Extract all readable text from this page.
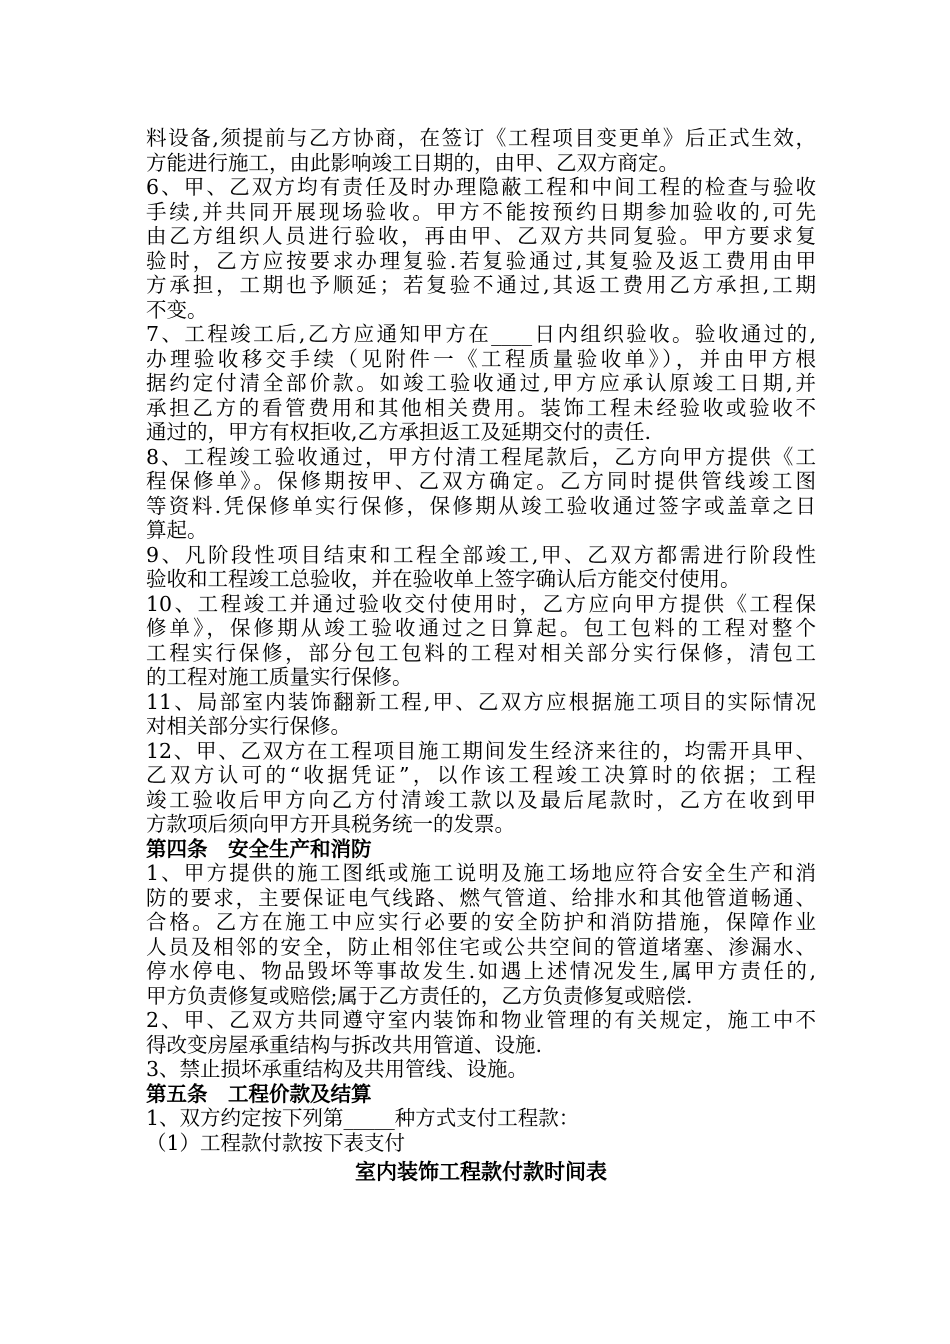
料设备,须提前与乙方协商，在签订《工程项目变更单》后正式生效，
方能进行施工，由此影响竣工日期的，由甲、乙双方商定。
6、甲、乙双方均有责任及时办理隐蔽工程和中间工程的检查与验收
手续,并共同开展现场验收。甲方不能按预约日期参加验收的,可先
由乙方组织人员进行验收，再由甲、乙双方共同复验。甲方要求复
验时，乙方应按要求办理复验.若复验通过,其复验及返工费用由甲
方承担，工期也予顺延；若复验不通过,其返工费用乙方承担,工期
不变。
7、工程竣工后,乙方应通知甲方在____日内组织验收。验收通过的,
办理验收移交手续（见附件一《工程质量验收单》），并由甲方根
据约定付清全部价款。如竣工验收通过,甲方应承认原竣工日期,并
承担乙方的看管费用和其他相关费用。装饰工程未经验收或验收不
通过的，甲方有权拒收,乙方承担返工及延期交付的责任.
8、工程竣工验收通过，甲方付清工程尾款后，乙方向甲方提供《工
程保修单》。保修期按甲、乙双方确定。乙方同时提供管线竣工图
等资料.凭保修单实行保修，保修期从竣工验收通过签字或盖章之日
算起。
9、凡阶段性项目结束和工程全部竣工,甲、乙双方都需进行阶段性
验收和工程竣工总验收，并在验收单上签字确认后方能交付使用。
10、工程竣工并通过验收交付使用时，乙方应向甲方提供《工程保
修单》，保修期从竣工验收通过之日算起。包工包料的工程对整个
工程实行保修，部分包工包料的工程对相关部分实行保修，清包工
的工程对施工质量实行保修。
11、局部室内装饰翻新工程,甲、乙双方应根据施工项目的实际情况
对相关部分实行保修。
12、甲、乙双方在工程项目施工期间发生经济来往的，均需开具甲、
乙双方认可的“收据凭证”，以作该工程竣工决算时的依据；工程
竣工验收后甲方向乙方付清竣工款以及最后尾款时，乙方在收到甲
方款项后须向甲方开具税务统一的发票。
第四条　安全生产和消防
1、甲方提供的施工图纸或施工说明及施工场地应符合安全生产和消
防的要求，主要保证电气线路、燃气管道、给排水和其他管道畅通、
合格。乙方在施工中应实行必要的安全防护和消防措施，保障作业
人员及相邻的安全，防止相邻住宅或公共空间的管道堵塞、渗漏水、
停水停电、物品毁坏等事故发生.如遇上述情况发生,属甲方责任的,
甲方负责修复或赔偿;属于乙方责任的，乙方负责修复或赔偿.
2、甲、乙双方共同遵守室内装饰和物业管理的有关规定，施工中不
得改变房屋承重结构与拆改共用管道、设施.
3、禁止损坏承重结构及共用管线、设施。
第五条　工程价款及结算
1、双方约定按下列第_____种方式支付工程款：
（1）工程款付款按下表支付
室内装饰工程款付款时间表
